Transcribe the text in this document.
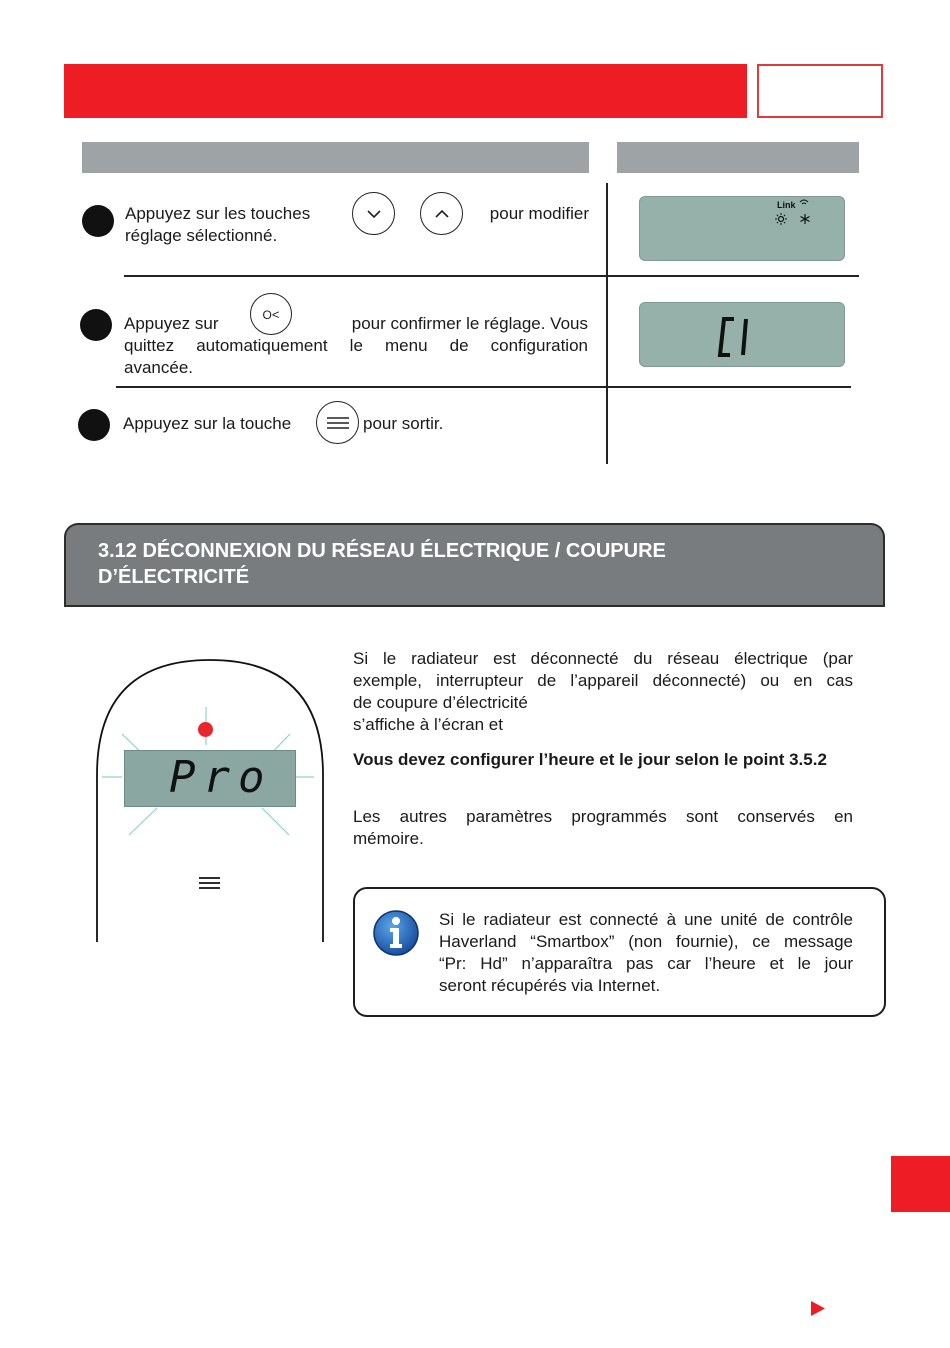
Appuyez sur les touches	pour modifier
réglage sélectionné.
Link
Appuyez sur	pour confirmer le réglage. Vous
quittez automatiquement le menu de configuration
avancée.
O<
Appuyez sur la touche	pour sortir.
3.12 DÉCONNEXION DU RÉSEAU ÉLECTRIQUE / COUPURE
D’ÉLECTRICITÉ
Pro
Si le radiateur est déconnecté du réseau électrique (par
exemple, interrupteur de l’appareil déconnecté) ou en cas
de coupure d’électricité
s’affiche à l’écran et
Vous devez configurer l’heure et le jour selon le point 3.5.2
Les autres paramètres programmés sont conservés en
mémoire.
Si le radiateur est connecté à une unité de contrôle
Haverland “Smartbox” (non fournie), ce message
“Pr: Hd” n’apparaîtra pas car l’heure et le jour
seront récupérés via Internet.
